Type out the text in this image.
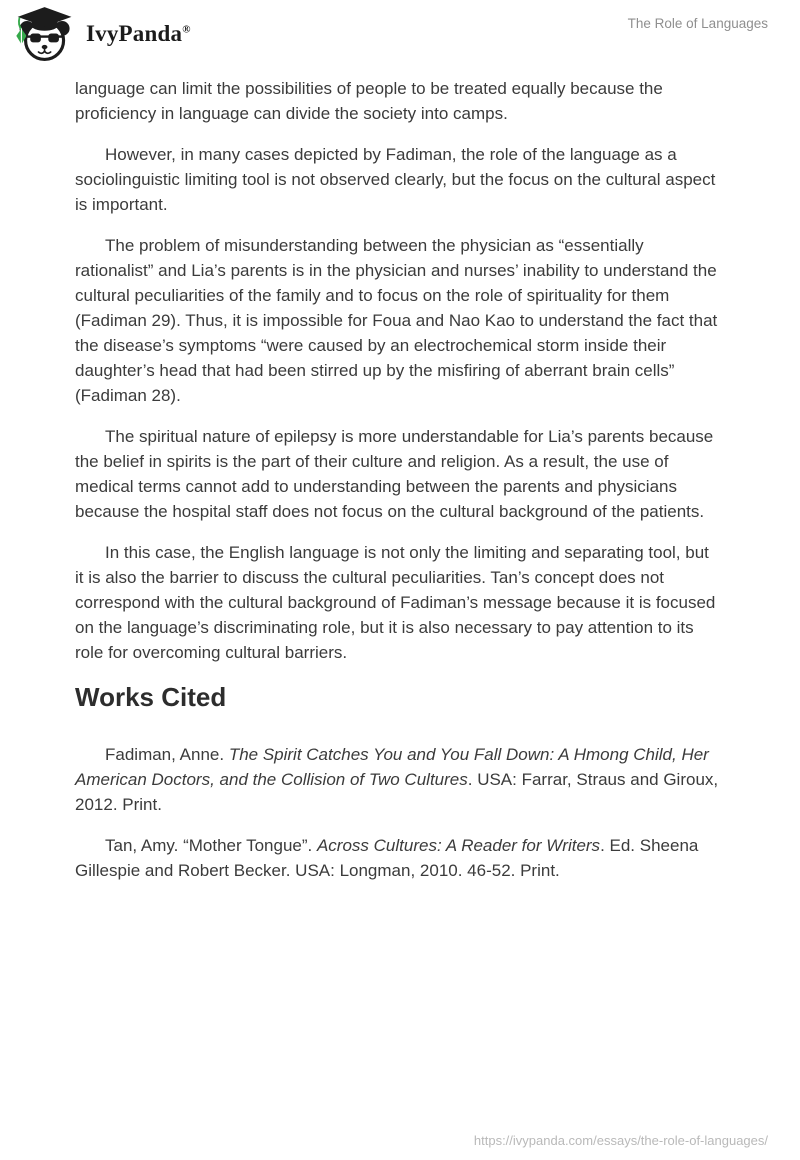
IvyPanda®	The Role of Languages

language can limit the possibilities of people to be treated equally because the proficiency in language can divide the society into camps.

However, in many cases depicted by Fadiman, the role of the language as a sociolinguistic limiting tool is not observed clearly, but the focus on the cultural aspect is important.

The problem of misunderstanding between the physician as “essentially rationalist” and Lia’s parents is in the physician and nurses’ inability to understand the cultural peculiarities of the family and to focus on the role of spirituality for them (Fadiman 29). Thus, it is impossible for Foua and Nao Kao to understand the fact that the disease’s symptoms “were caused by an electrochemical storm inside their daughter’s head that had been stirred up by the misfiring of aberrant brain cells” (Fadiman 28).

The spiritual nature of epilepsy is more understandable for Lia’s parents because the belief in spirits is the part of their culture and religion. As a result, the use of medical terms cannot add to understanding between the parents and physicians because the hospital staff does not focus on the cultural background of the patients.

In this case, the English language is not only the limiting and separating tool, but it is also the barrier to discuss the cultural peculiarities. Tan’s concept does not correspond with the cultural background of Fadiman’s message because it is focused on the language’s discriminating role, but it is also necessary to pay attention to its role for overcoming cultural barriers.

Works Cited

Fadiman, Anne. The Spirit Catches You and You Fall Down: A Hmong Child, Her American Doctors, and the Collision of Two Cultures. USA: Farrar, Straus and Giroux, 2012. Print.

Tan, Amy. “Mother Tongue”. Across Cultures: A Reader for Writers. Ed. Sheena Gillespie and Robert Becker. USA: Longman, 2010. 46-52. Print.

https://ivypanda.com/essays/the-role-of-languages/
